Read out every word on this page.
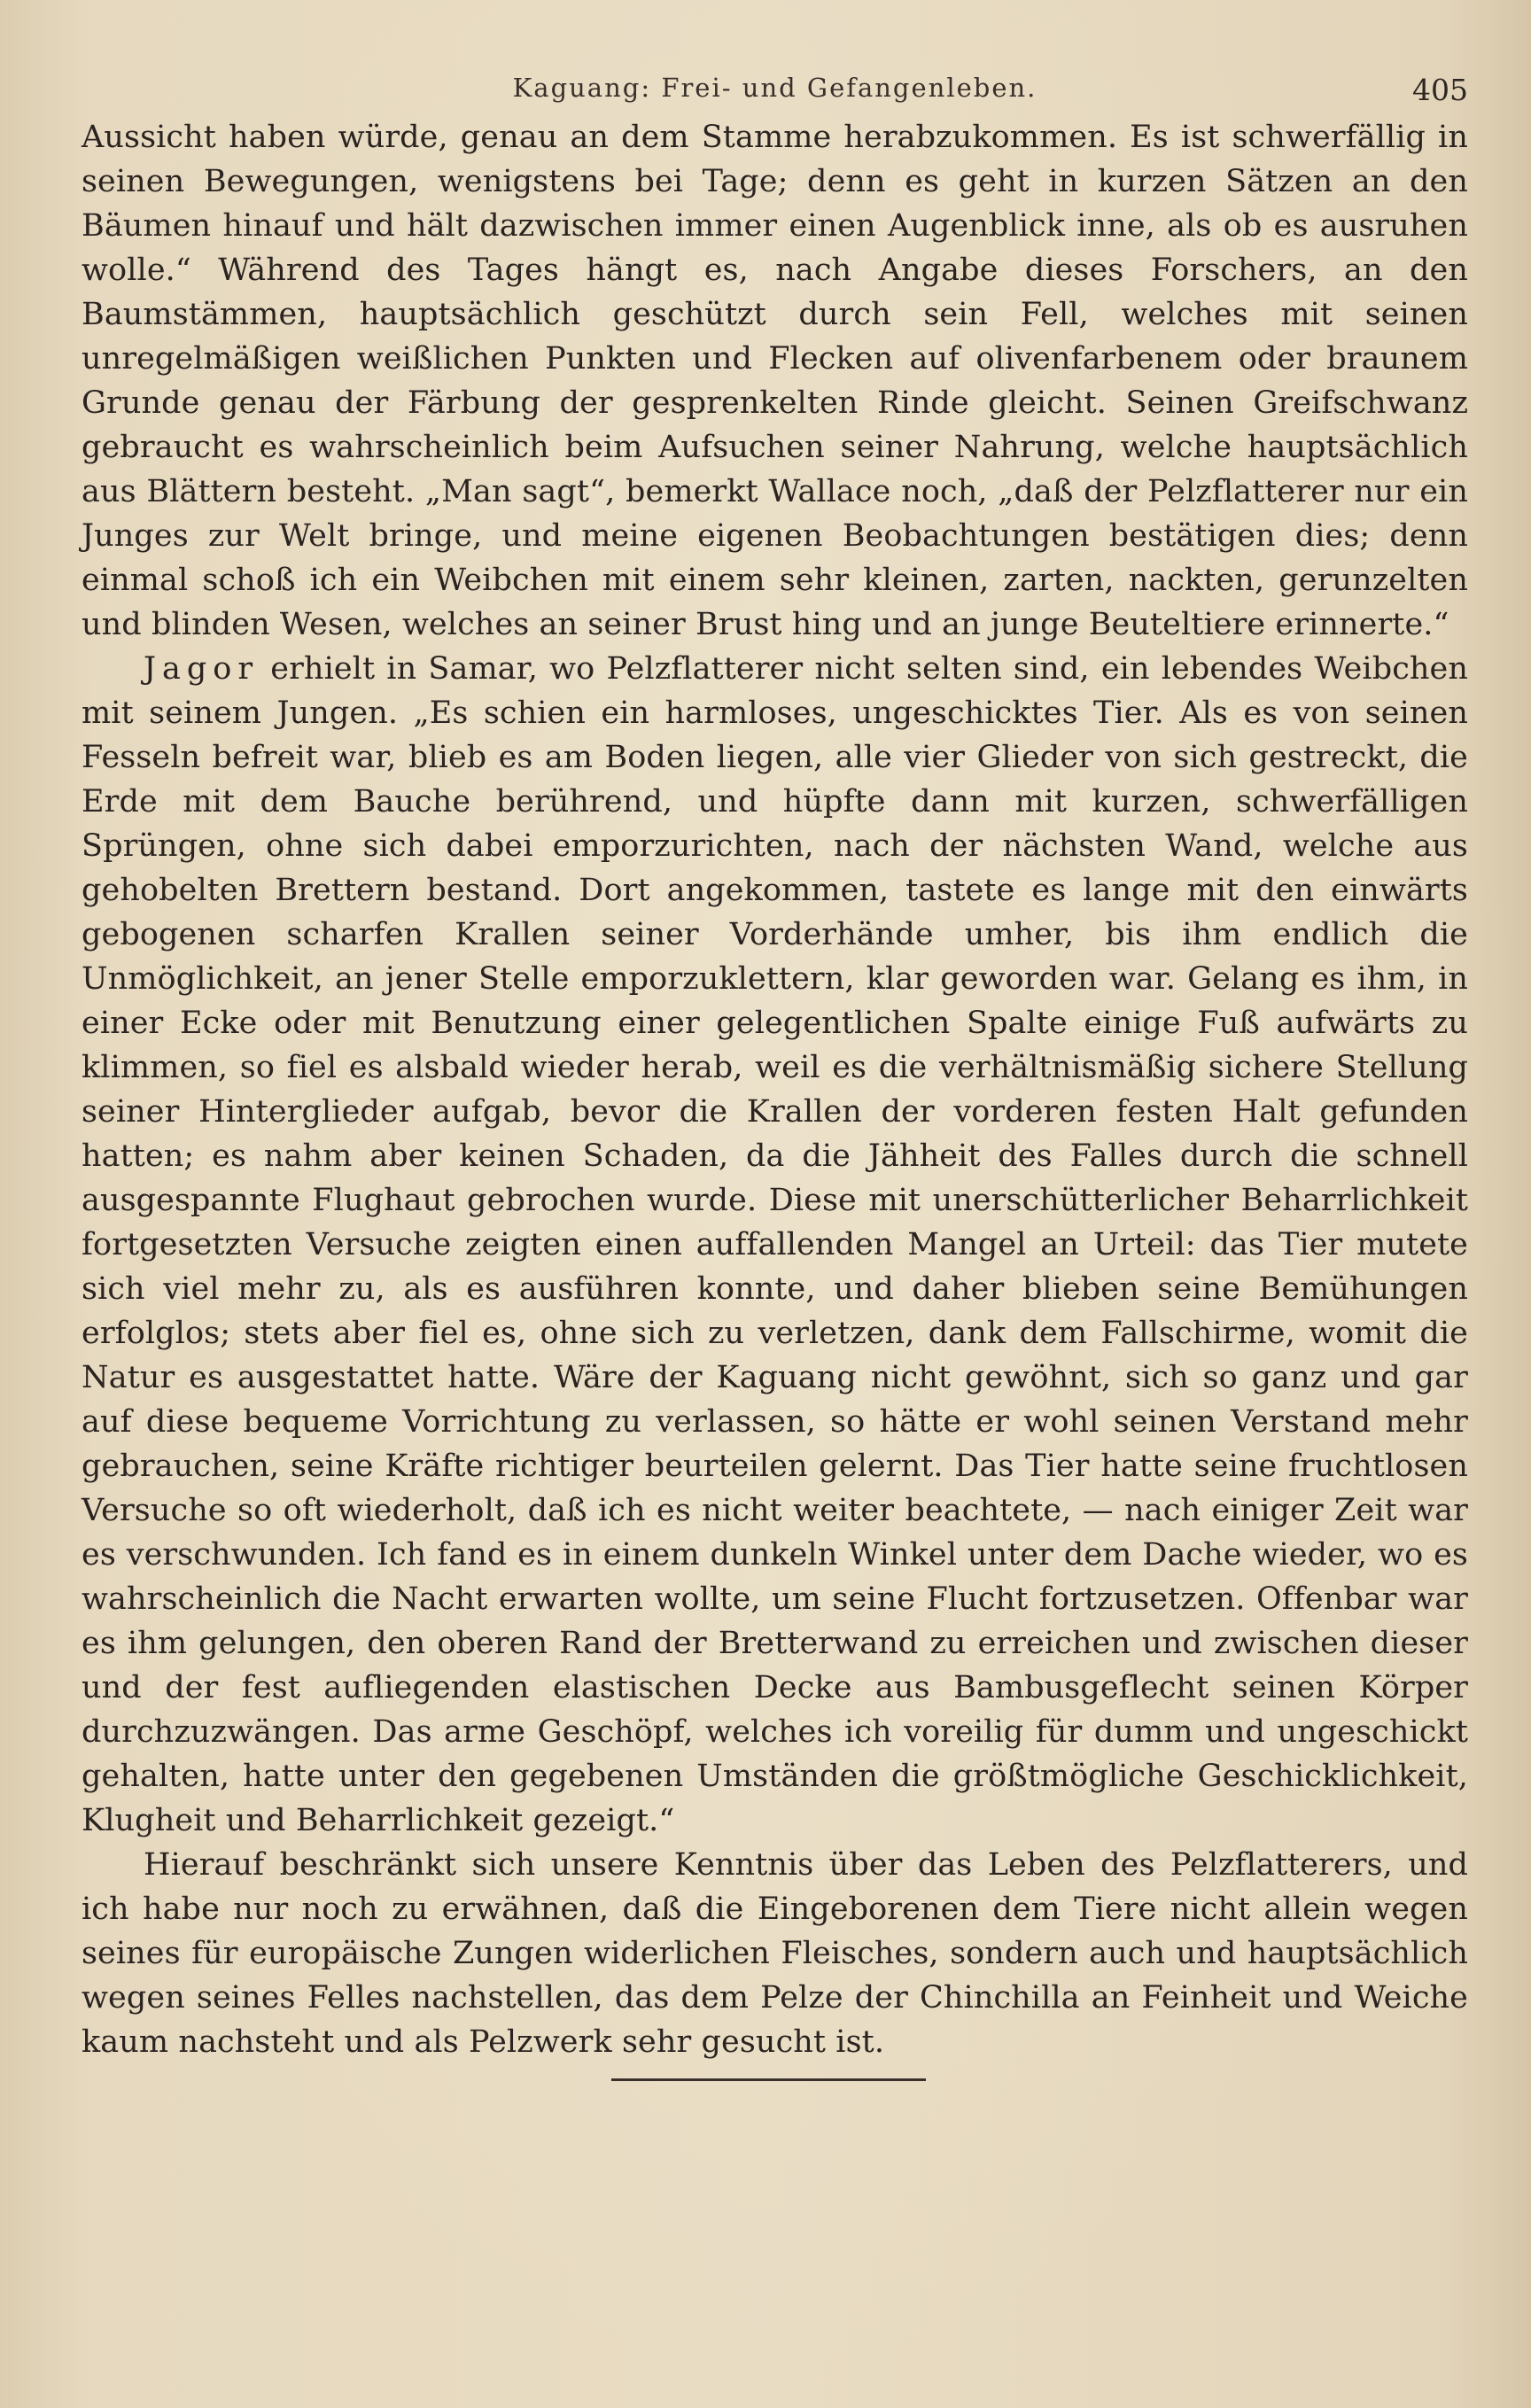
Kaguang: Frei- und Gefangenleben.	405

Aussicht haben würde, genau an dem Stamme herabzukommen. Es ist schwerfällig in seinen Bewegungen, wenigstens bei Tage; denn es geht in kurzen Sätzen an den Bäumen hinauf und hält dazwischen immer einen Augenblick inne, als ob es ausruhen wolle.“ Während des Tages hängt es, nach Angabe dieses Forschers, an den Baumstämmen, hauptsächlich geschützt durch sein Fell, welches mit seinen unregelmäßigen weißlichen Punkten und Flecken auf olivenfarbenem oder braunem Grunde genau der Färbung der gesprenkelten Rinde gleicht. Seinen Greifschwanz gebraucht es wahrscheinlich beim Aufsuchen seiner Nahrung, welche hauptsächlich aus Blättern besteht. „Man sagt“, bemerkt Wallace noch, „daß der Pelzflatterer nur ein Junges zur Welt bringe, und meine eigenen Beobachtungen bestätigen dies; denn einmal schoß ich ein Weibchen mit einem sehr kleinen, zarten, nackten, gerunzelten und blinden Wesen, welches an seiner Brust hing und an junge Beuteltiere erinnerte.“

Jagor erhielt in Samar, wo Pelzflatterer nicht selten sind, ein lebendes Weibchen mit seinem Jungen. „Es schien ein harmloses, ungeschicktes Tier. Als es von seinen Fesseln befreit war, blieb es am Boden liegen, alle vier Glieder von sich gestreckt, die Erde mit dem Bauche berührend, und hüpfte dann mit kurzen, schwerfälligen Sprüngen, ohne sich dabei emporzurichten, nach der nächsten Wand, welche aus gehobelten Brettern bestand. Dort angekommen, tastete es lange mit den einwärts gebogenen scharfen Krallen seiner Vorderhände umher, bis ihm endlich die Unmöglichkeit, an jener Stelle emporzuklettern, klar geworden war. Gelang es ihm, in einer Ecke oder mit Benutzung einer gelegentlichen Spalte einige Fuß aufwärts zu klimmen, so fiel es alsbald wieder herab, weil es die verhältnismäßig sichere Stellung seiner Hinterglieder aufgab, bevor die Krallen der vorderen festen Halt gefunden hatten; es nahm aber keinen Schaden, da die Jähheit des Falles durch die schnell ausgespannte Flughaut gebrochen wurde. Diese mit unerschütterlicher Beharrlichkeit fortgesetzten Versuche zeigten einen auffallenden Mangel an Urteil: das Tier mutete sich viel mehr zu, als es ausführen konnte, und daher blieben seine Bemühungen erfolglos; stets aber fiel es, ohne sich zu verletzen, dank dem Fallschirme, womit die Natur es ausgestattet hatte. Wäre der Kaguang nicht gewöhnt, sich so ganz und gar auf diese bequeme Vorrichtung zu verlassen, so hätte er wohl seinen Verstand mehr gebrauchen, seine Kräfte richtiger beurteilen gelernt. Das Tier hatte seine fruchtlosen Versuche so oft wiederholt, daß ich es nicht weiter beachtete, — nach einiger Zeit war es verschwunden. Ich fand es in einem dunkeln Winkel unter dem Dache wieder, wo es wahrscheinlich die Nacht erwarten wollte, um seine Flucht fortzusetzen. Offenbar war es ihm gelungen, den oberen Rand der Bretterwand zu erreichen und zwischen dieser und der fest aufliegenden elastischen Decke aus Bambusgeflecht seinen Körper durchzuzwängen. Das arme Geschöpf, welches ich voreilig für dumm und ungeschickt gehalten, hatte unter den gegebenen Umständen die größtmögliche Geschicklichkeit, Klugheit und Beharrlichkeit gezeigt.“

Hierauf beschränkt sich unsere Kenntnis über das Leben des Pelzflatterers, und ich habe nur noch zu erwähnen, daß die Eingeborenen dem Tiere nicht allein wegen seines für europäische Zungen widerlichen Fleisches, sondern auch und hauptsächlich wegen seines Felles nachstellen, das dem Pelze der Chinchilla an Feinheit und Weiche kaum nachsteht und als Pelzwerk sehr gesucht ist.
